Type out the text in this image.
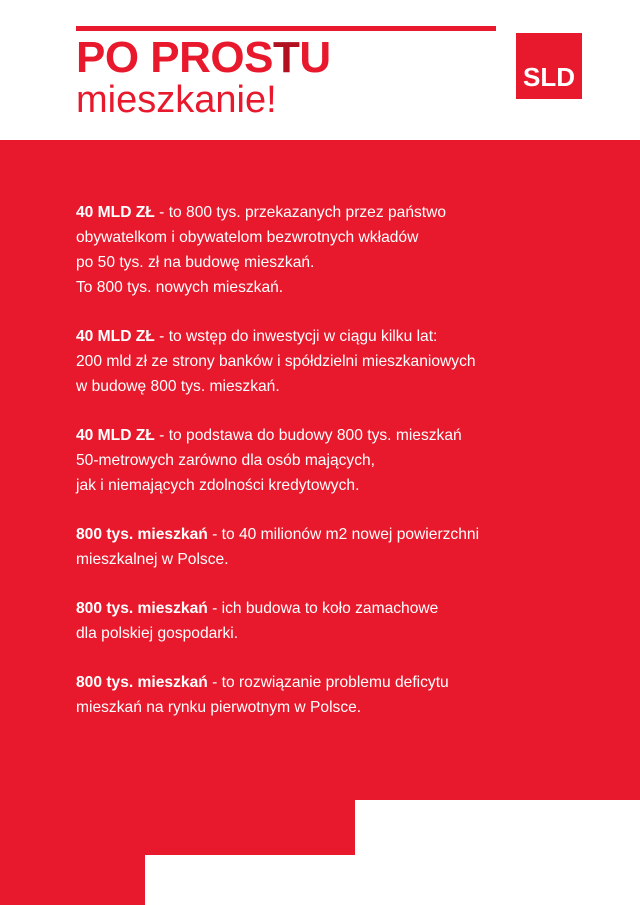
PO PROSTU
mieszkanie!
SLD

40 MLD ZŁ - to 800 tys. przekazanych przez państwo

obywatelkom i obywatelom bezwrotnych wkładów
po 50 tys. zł na budowę mieszkań.
To 800 tys. nowych mieszkań.

40 MLD ZŁ - to wstęp do inwestycji w ciągu kilku lat:

200 mld zł ze strony banków i spółdzielni mieszkaniowych
w budowę 800 tys. mieszkań.

40 MLD ZŁ - to podstawa do budowy 800 tys. mieszkań

50-metrowych zarówno dla osób mających,
jak i niemających zdolności kredytowych.

800 tys. mieszkań - to 40 milionów m2 nowej powierzchni

mieszkalnej w Polsce.

800 tys. mieszkań - ich budowa to koło zamachowe

dla polskiej gospodarki.

800 tys. mieszkań - to rozwiązanie problemu deficytu

mieszkań na rynku pierwotnym w Polsce.
